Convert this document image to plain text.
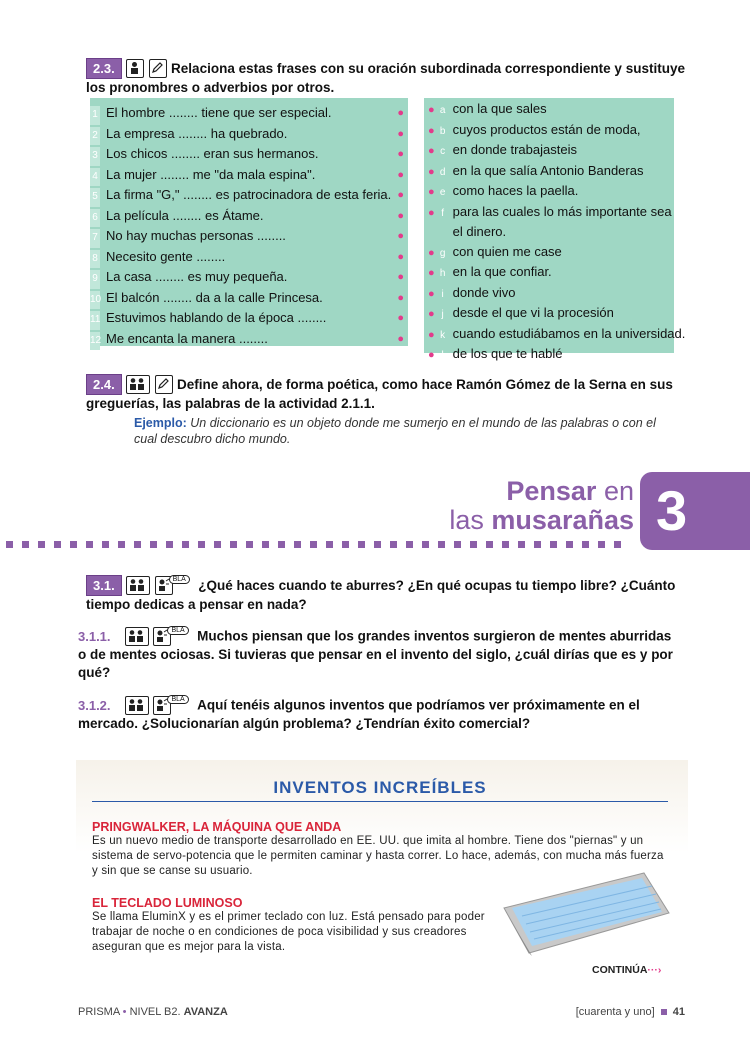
2.3.
	Relaciona estas frases con su oración subordinada correspondiente y sustituye los pronombres o adverbios por otros.
1 El hombre ........ tiene que ser especial.	●
2 La empresa ........ ha quebrado.	●
3 Los chicos ........ eran sus hermanos.	●
4 La mujer ........ me "da mala espina".	●
5 La firma "G," ........ es patrocinadora de esta feria. ●
6 La película ........ es Átame.	●
7 No hay muchas personas ........	●
8 Necesito gente ........	●
9 La casa ........ es muy pequeña.	●
10 El balcón ........ da a la calle Princesa.	●
11 Estuvimos hablando de la época ........	●
12 Me encanta la manera ........	●
● a con la que sales
● b cuyos productos están de moda,
● c en donde trabajasteis
● d en la que salía Antonio Banderas
● e como haces la paella.
● f para las cuales lo más importante sea
el dinero.
● g con quien me case
● h en la que confiar.
● i donde vivo
● j desde el que vi la procesión
● k cuando estudiábamos en la universidad.
● l de los que te hablé
2.4.
	Define ahora, de forma poética, como hace Ramón Gómez de la Serna en sus greguerías, las palabras de la actividad 2.1.1.
Ejemplo: Un diccionario es un objeto donde me sumerjo en el mundo de las palabras o con el cual descubro dicho mundo.
Pensar en
las musarañas 3
3.1.
	BLA ¿Qué haces cuando te aburres? ¿En qué ocupas tu tiempo libre? ¿Cuánto tiempo dedicas a pensar en nada?
3.1.1.
	BLA Muchos piensan que los grandes inventos surgieron de mentes aburridas o de mentes ociosas. Si tuvieras que pensar en el invento del siglo, ¿cuál dirías que es y por qué?
3.1.2.
	BLA Aquí tenéis algunos inventos que podríamos ver próximamente en el mercado. ¿Solucionarían algún problema? ¿Tendrían éxito comercial?
INVENTOS INCREÍBLES
PRINGWALKER, LA MÁQUINA QUE ANDA
Es un nuevo medio de transporte desarrollado en EE. UU. que imita al hombre. Tiene dos "piernas" y un sistema de servo-potencia que le permiten caminar y hasta correr. Lo hace, además, con mucha más fuerza y sin que se canse su usuario.
EL TECLADO LUMINOSO
Se llama EluminX y es el primer teclado con luz. Está pensado para poder trabajar de noche o en condiciones de poca visibilidad y sus creadores aseguran que es mejor para la vista.
CONTINÚA···›
PRISMA • NIVEL B2. AVANZA	[cuarenta y uno] 41
